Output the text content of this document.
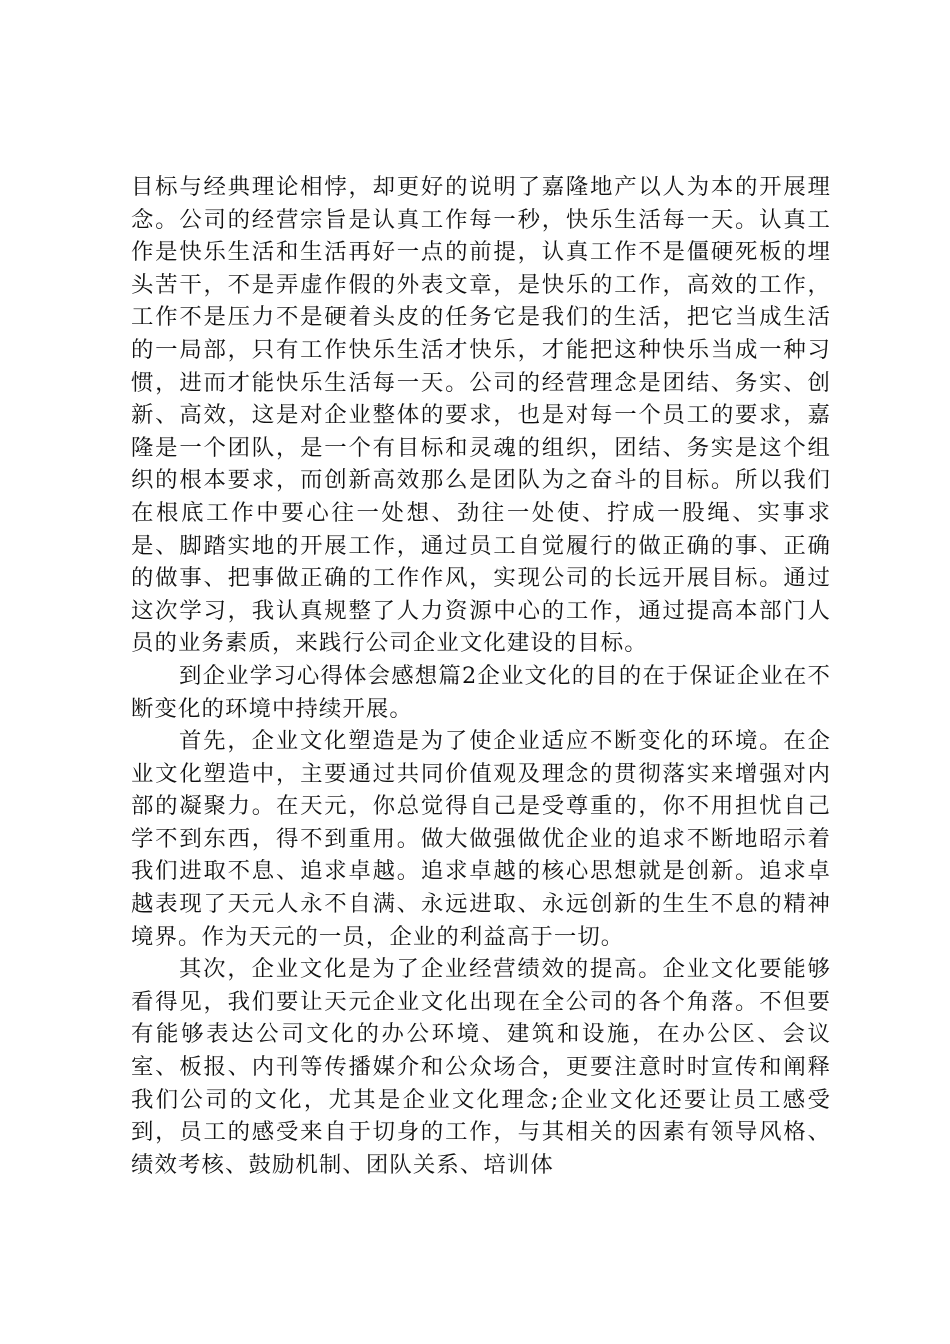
目标与经典理论相悖，却更好的说明了嘉隆地产以人为本的开展理念。公司的经营宗旨是认真工作每一秒，快乐生活每一天。认真工作是快乐生活和生活再好一点的前提，认真工作不是僵硬死板的埋头苦干，不是弄虚作假的外表文章，是快乐的工作，高效的工作，工作不是压力不是硬着头皮的任务它是我们的生活，把它当成生活的一局部，只有工作快乐生活才快乐，才能把这种快乐当成一种习惯，进而才能快乐生活每一天。公司的经营理念是团结、务实、创新、高效，这是对企业整体的要求，也是对每一个员工的要求，嘉隆是一个团队，是一个有目标和灵魂的组织，团结、务实是这个组织的根本要求，而创新高效那么是团队为之奋斗的目标。所以我们在根底工作中要心往一处想、劲往一处使、拧成一股绳、实事求是、脚踏实地的开展工作，通过员工自觉履行的做正确的事、正确的做事、把事做正确的工作作风，实现公司的长远开展目标。通过这次学习，我认真规整了人力资源中心的工作，通过提高本部门人员的业务素质，来践行公司企业文化建设的目标。

到企业学习心得体会感想篇2企业文化的目的在于保证企业在不断变化的环境中持续开展。

首先，企业文化塑造是为了使企业适应不断变化的环境。在企业文化塑造中，主要通过共同价值观及理念的贯彻落实来增强对内部的凝聚力。在天元，你总觉得自己是受尊重的，你不用担忧自己学不到东西，得不到重用。做大做强做优企业的追求不断地昭示着我们进取不息、追求卓越。追求卓越的核心思想就是创新。追求卓越表现了天元人永不自满、永远进取、永远创新的生生不息的精神境界。作为天元的一员，企业的利益高于一切。

其次，企业文化是为了企业经营绩效的提高。企业文化要能够看得见，我们要让天元企业文化出现在全公司的各个角落。不但要有能够表达公司文化的办公环境、建筑和设施，在办公区、会议室、板报、内刊等传播媒介和公众场合，更要注意时时宣传和阐释我们公司的文化，尤其是企业文化理念;企业文化还要让员工感受到，员工的感受来自于切身的工作，与其相关的因素有领导风格、绩效考核、鼓励机制、团队关系、培训体
